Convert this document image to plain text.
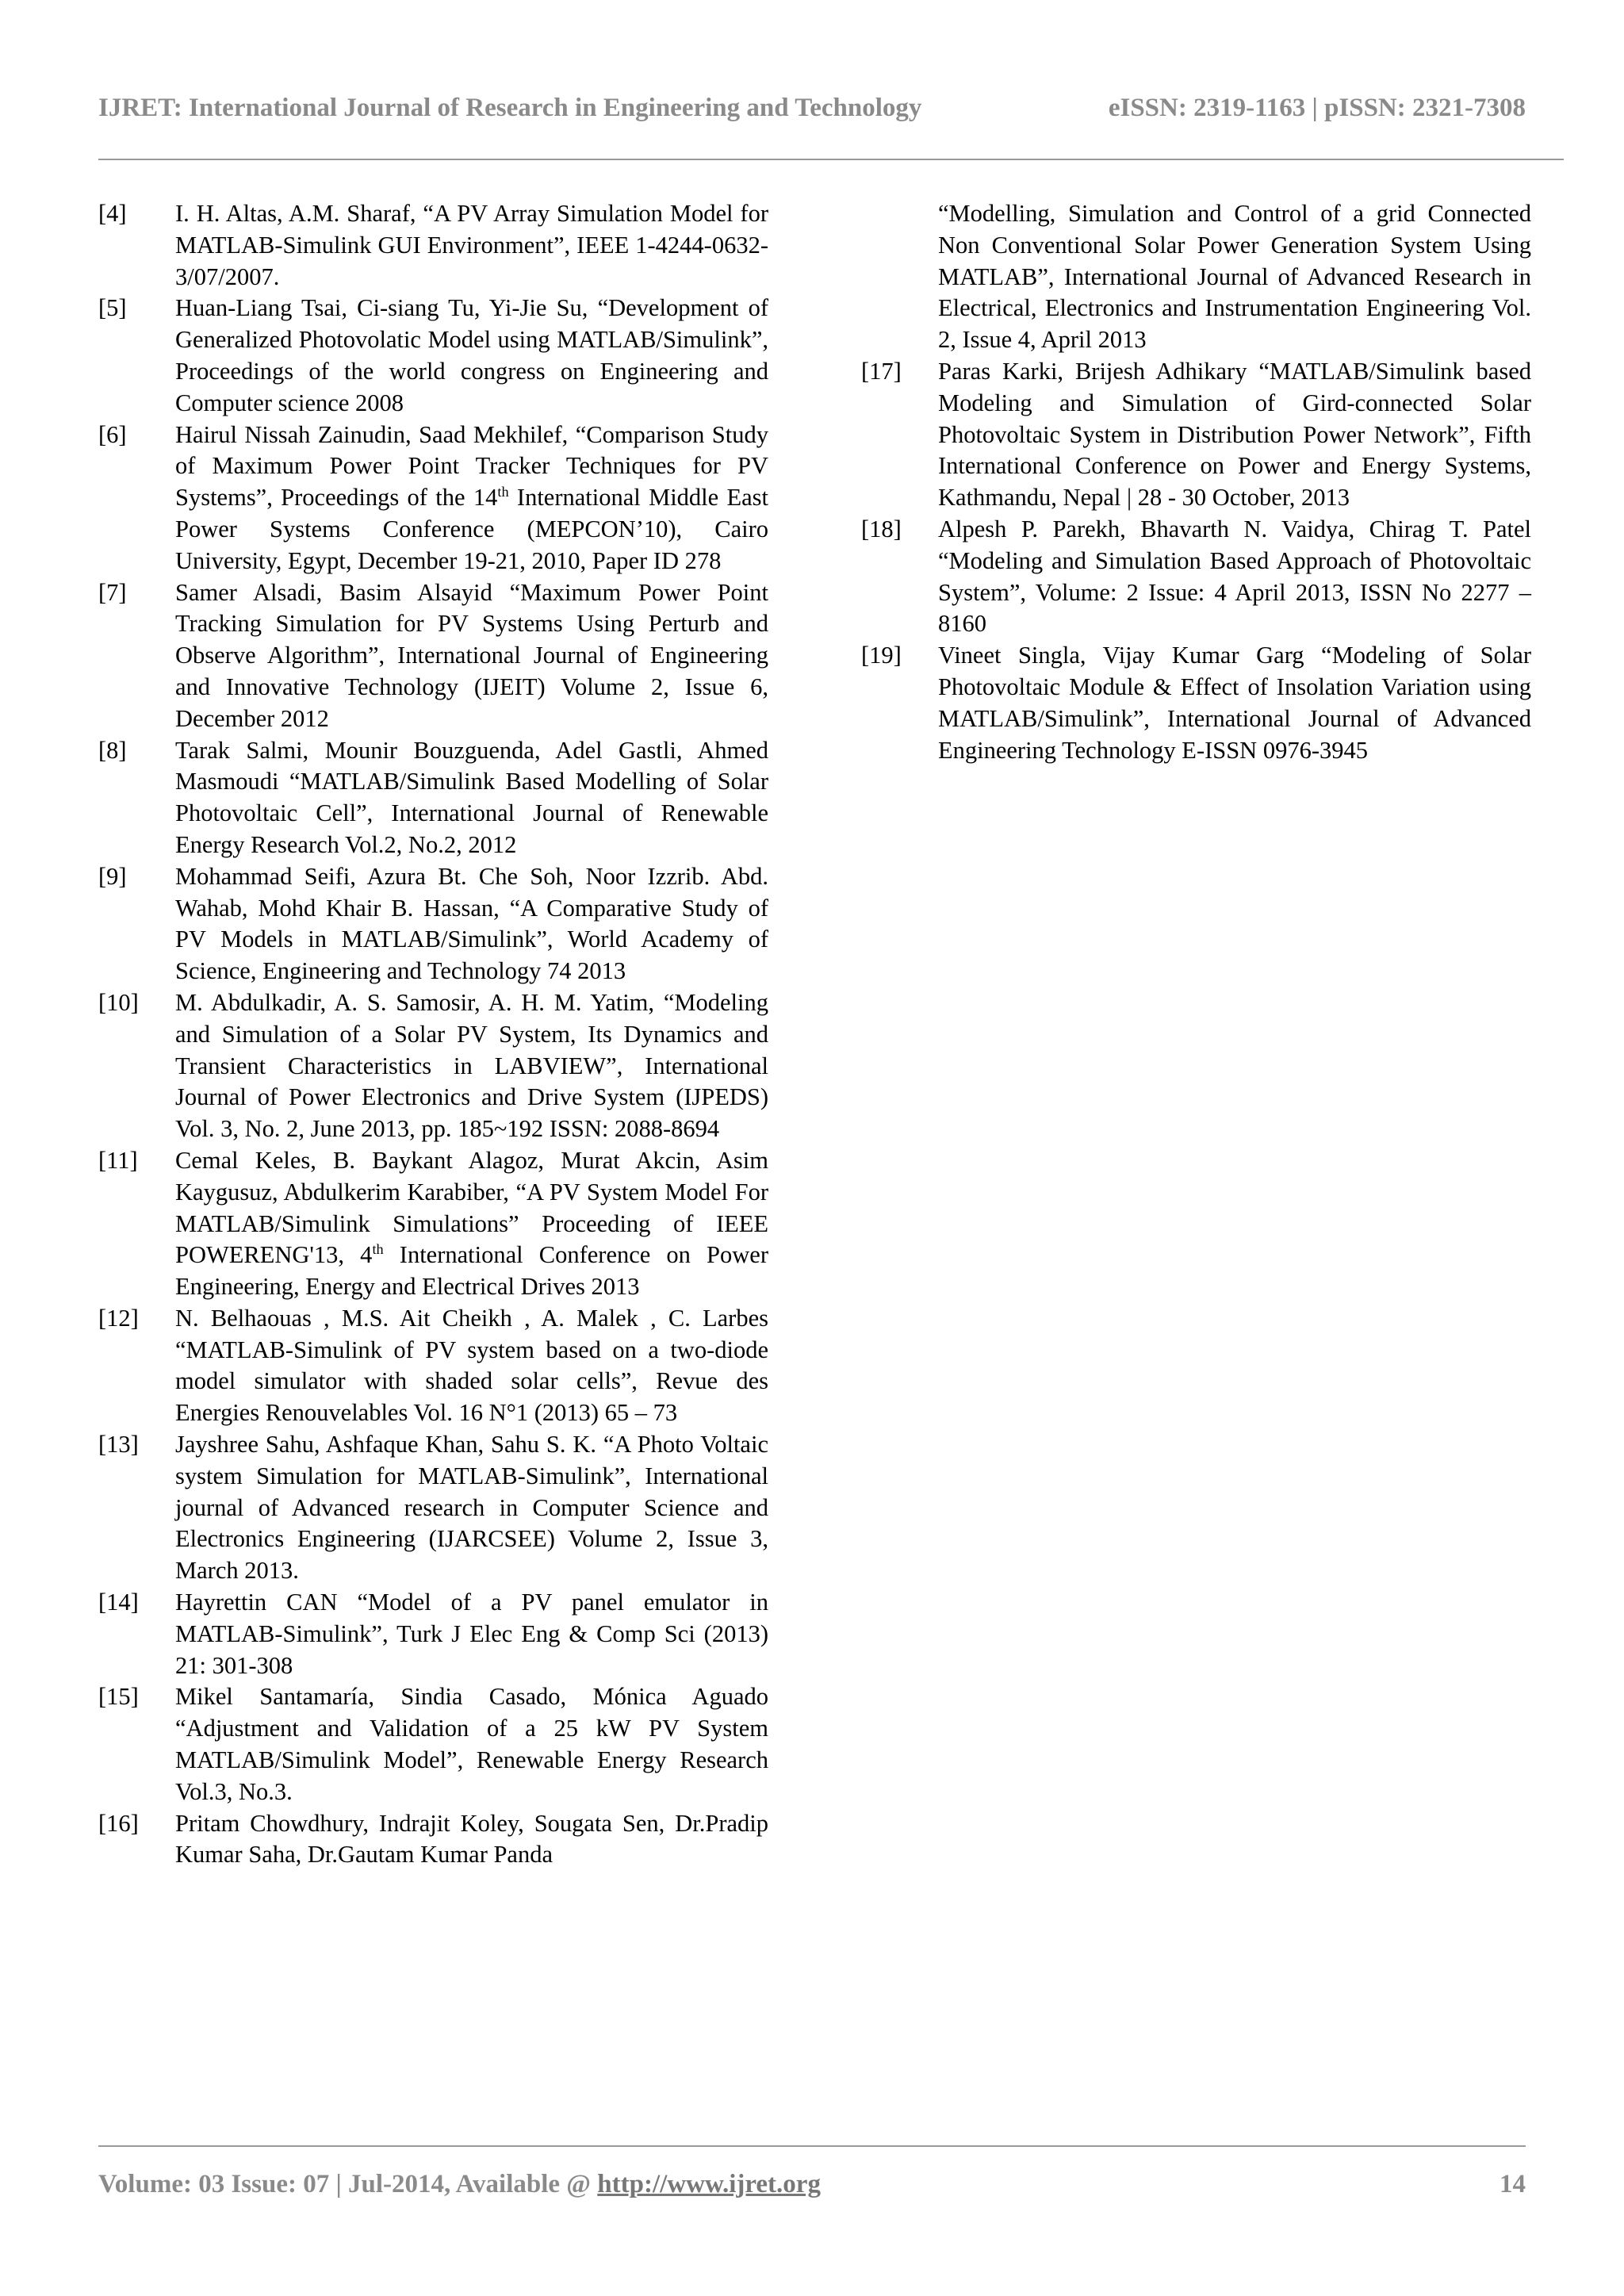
IJRET: International Journal of Research in Engineering and Technology	eISSN: 2319-1163 | pISSN: 2321-7308
[4]	I. H. Altas, A.M. Sharaf, “A PV Array Simulation Model for MATLAB-Simulink GUI Environment”, IEEE 1-4244-0632-3/07/2007.
[5]	Huan-Liang Tsai, Ci-siang Tu, Yi-Jie Su, “Development of Generalized Photovolatic Model using MATLAB/Simulink”, Proceedings of the world congress on Engineering and Computer science 2008
[6]	Hairul Nissah Zainudin, Saad Mekhilef, “Comparison Study of Maximum Power Point Tracker Techniques for PV Systems”, Proceedings of the 14th International Middle East Power Systems Conference (MEPCON’10), Cairo University, Egypt, December 19-21, 2010, Paper ID 278
[7]	Samer Alsadi, Basim Alsayid “Maximum Power Point Tracking Simulation for PV Systems Using Perturb and Observe Algorithm”, International Journal of Engineering and Innovative Technology (IJEIT) Volume 2, Issue 6, December 2012
[8]	Tarak Salmi, Mounir Bouzguenda, Adel Gastli, Ahmed Masmoudi “MATLAB/Simulink Based Modelling of Solar Photovoltaic Cell”, International Journal of Renewable Energy Research Vol.2, No.2, 2012
[9]	Mohammad Seifi, Azura Bt. Che Soh, Noor Izzrib. Abd. Wahab, Mohd Khair B. Hassan, “A Comparative Study of PV Models in MATLAB/Simulink”, World Academy of Science, Engineering and Technology 74 2013
[10]	M. Abdulkadir, A. S. Samosir, A. H. M. Yatim, “Modeling and Simulation of a Solar PV System, Its Dynamics and Transient Characteristics in LABVIEW”, International Journal of Power Electronics and Drive System (IJPEDS) Vol. 3, No. 2, June 2013, pp. 185~192 ISSN: 2088-8694
[11]	Cemal Keles, B. Baykant Alagoz, Murat Akcin, Asim Kaygusuz, Abdulkerim Karabiber, “A PV System Model For MATLAB/Simulink Simulations” Proceeding of IEEE POWERENG'13, 4th International Conference on Power Engineering, Energy and Electrical Drives 2013
[12]	N. Belhaouas , M.S. Ait Cheikh , A. Malek , C. Larbes “MATLAB-Simulink of PV system based on a two-diode model simulator with shaded solar cells”, Revue des Energies Renouvelables Vol. 16 N°1 (2013) 65 – 73
[13]	Jayshree Sahu, Ashfaque Khan, Sahu S. K. “A Photo Voltaic system Simulation for MATLAB-Simulink”, International journal of Advanced research in Computer Science and Electronics Engineering (IJARCSEE) Volume 2, Issue 3, March 2013.
[14]	Hayrettin CAN “Model of a PV panel emulator in MATLAB-Simulink”, Turk J Elec Eng & Comp Sci (2013) 21: 301-308
[15]	Mikel Santamaría, Sindia Casado, Mónica Aguado “Adjustment and Validation of a 25 kW PV System MATLAB/Simulink Model”, Renewable Energy Research Vol.3, No.3.
[16]	Pritam Chowdhury, Indrajit Koley, Sougata Sen, Dr.Pradip Kumar Saha, Dr.Gautam Kumar Panda
“Modelling, Simulation and Control of a grid Connected Non Conventional Solar Power Generation System Using MATLAB”, International Journal of Advanced Research in Electrical, Electronics and Instrumentation Engineering Vol. 2, Issue 4, April 2013
[17]	Paras Karki, Brijesh Adhikary “MATLAB/Simulink based Modeling and Simulation of Gird-connected Solar Photovoltaic System in Distribution Power Network”, Fifth International Conference on Power and Energy Systems, Kathmandu, Nepal | 28 - 30 October, 2013
[18]	Alpesh P. Parekh, Bhavarth N. Vaidya, Chirag T. Patel “Modeling and Simulation Based Approach of Photovoltaic System”, Volume: 2 Issue: 4 April 2013, ISSN No 2277 – 8160
[19]	Vineet Singla, Vijay Kumar Garg “Modeling of Solar Photovoltaic Module & Effect of Insolation Variation using MATLAB/Simulink”, International Journal of Advanced Engineering Technology E-ISSN 0976-3945
Volume: 03 Issue: 07 | Jul-2014, Available @ http://www.ijret.org	14
